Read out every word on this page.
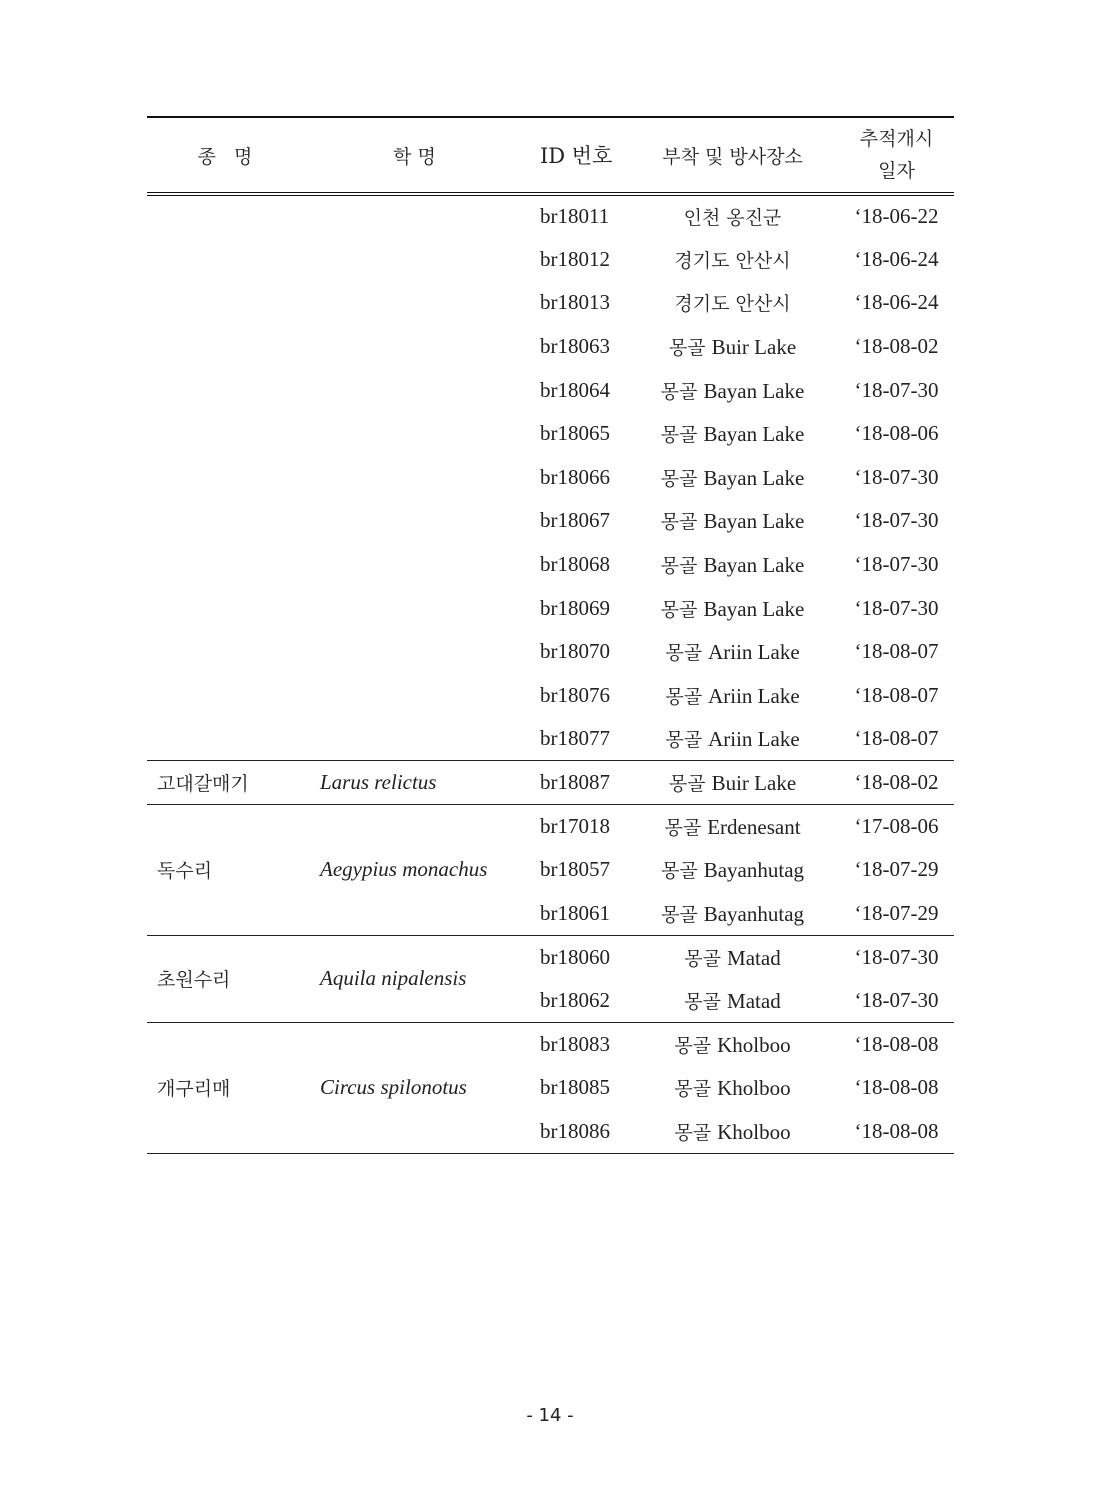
종   명	학 명	ID 번호	부착 및 방사장소	추적개시
일자

		br18011	인천 옹진군	‘18-06-22
		br18012	경기도 안산시	‘18-06-24
		br18013	경기도 안산시	‘18-06-24
		br18063	몽골 Buir Lake	‘18-08-02
		br18064	몽골 Bayan Lake	‘18-07-30
		br18065	몽골 Bayan Lake	‘18-08-06
		br18066	몽골 Bayan Lake	‘18-07-30
		br18067	몽골 Bayan Lake	‘18-07-30
		br18068	몽골 Bayan Lake	‘18-07-30
		br18069	몽골 Bayan Lake	‘18-07-30
		br18070	몽골 Ariin Lake	‘18-08-07
		br18076	몽골 Ariin Lake	‘18-08-07
		br18077	몽골 Ariin Lake	‘18-08-07
고대갈매기	Larus relictus	br18087	몽골 Buir Lake	‘18-08-02
독수리	Aegypius monachus	br17018	몽골 Erdenesant	‘17-08-06
		br18057	몽골 Bayanhutag	‘18-07-29
		br18061	몽골 Bayanhutag	‘18-07-29
초원수리	Aquila nipalensis	br18060	몽골 Matad	‘18-07-30
		br18062	몽골 Matad	‘18-07-30
개구리매	Circus spilonotus	br18083	몽골 Kholboo	‘18-08-08
		br18085	몽골 Kholboo	‘18-08-08
		br18086	몽골 Kholboo	‘18-08-08
- 14 -
